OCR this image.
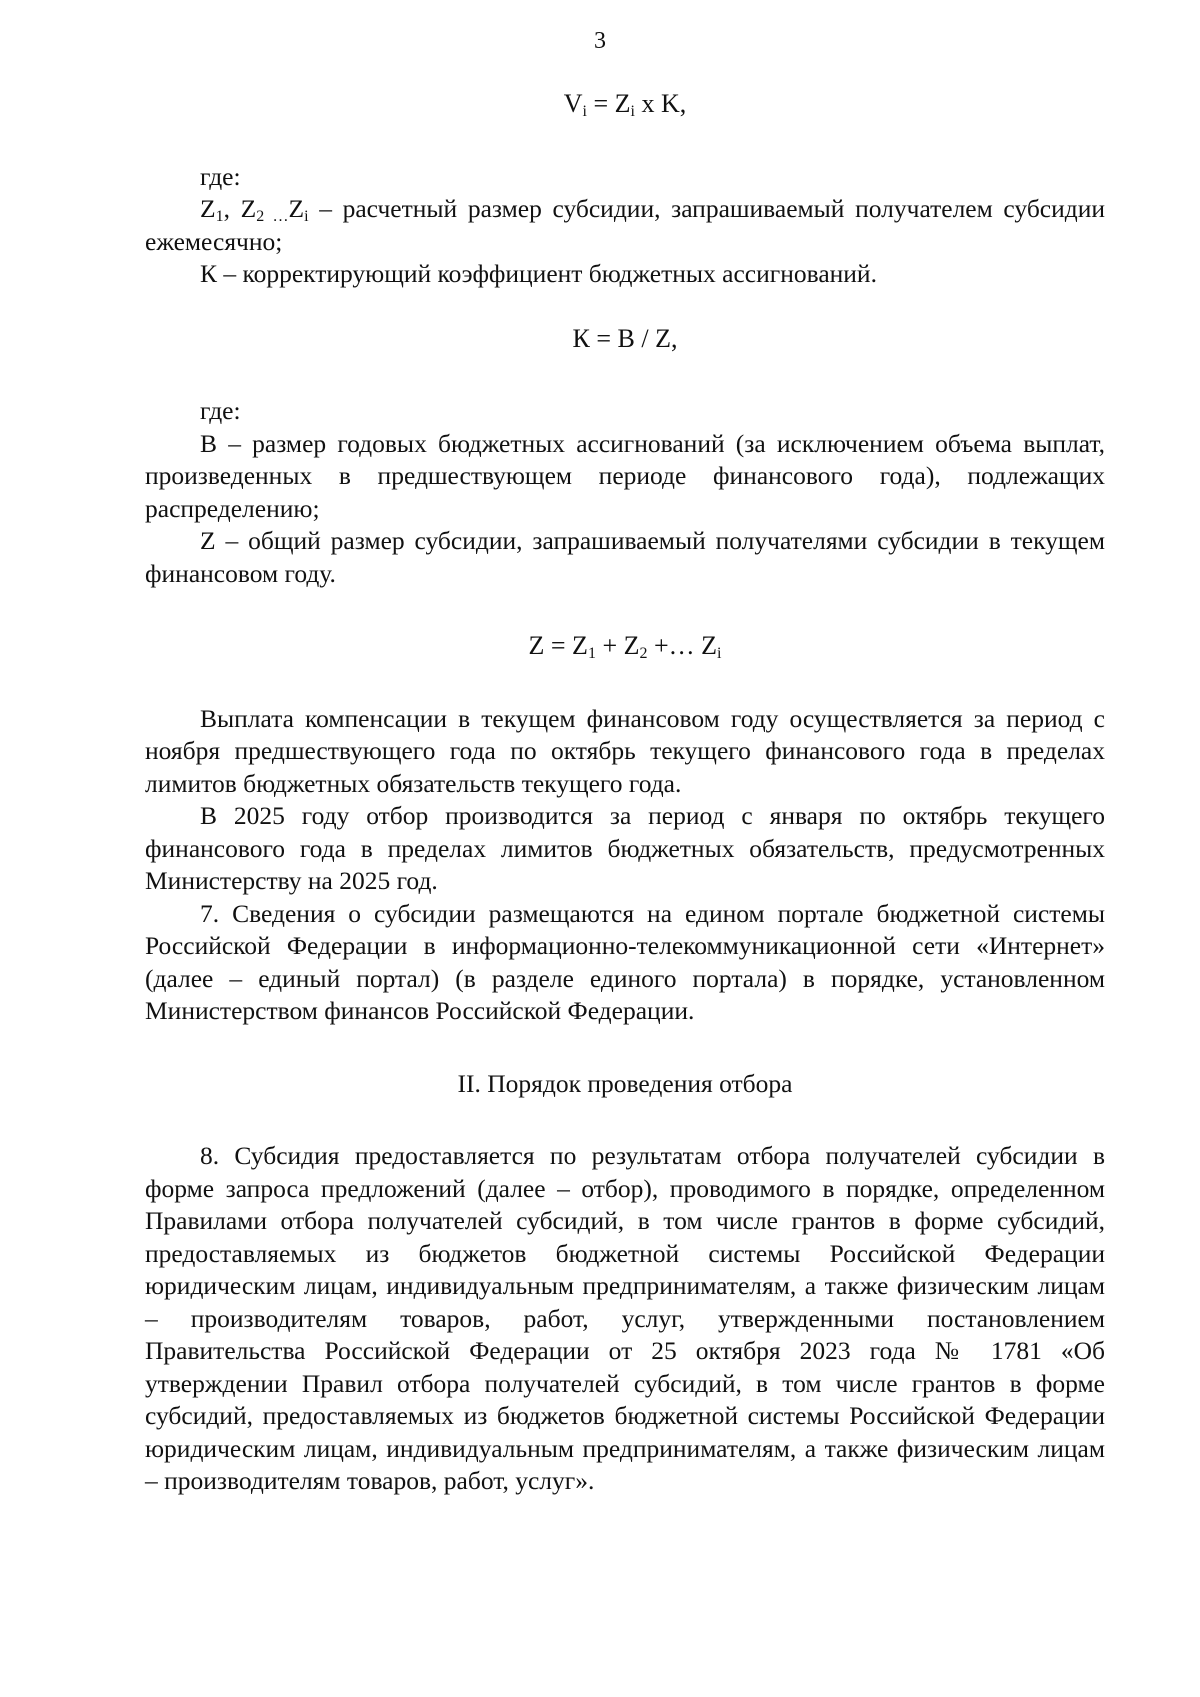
3

$V_i = Z_i$ x K,

где:

$Z_1$, $Z_2$ $_\dots Z_i$ – расчетный размер субсидии, запрашиваемый получателем субсидии ежемесячно;

К – корректирующий коэффициент бюджетных ассигнований.

К = В / Z,

где:

В – размер годовых бюджетных ассигнований (за исключением объема выплат, произведенных в предшествующем периоде финансового года), подлежащих распределению;

Z – общий размер субсидии, запрашиваемый получателями субсидии в текущем финансовом году.

$Z = Z_1 + Z_2$ +… $Z_i$

Выплата компенсации в текущем финансовом году осуществляется за период с ноября предшествующего года по октябрь текущего финансового года в пределах лимитов бюджетных обязательств текущего года.

В 2025 году отбор производится за период с января по октябрь текущего финансового года в пределах лимитов бюджетных обязательств, предусмотренных Министерству на 2025 год.

7. Сведения о субсидии размещаются на едином портале бюджетной системы Российской Федерации в информационно-телекоммуникационной сети «Интернет» (далее – единый портал) (в разделе единого портала) в порядке, установленном Министерством финансов Российской Федерации.

II. Порядок проведения отбора

8. Субсидия предоставляется по результатам отбора получателей субсидии в форме запроса предложений (далее – отбор), проводимого в порядке, определенном Правилами отбора получателей субсидий, в том числе грантов в форме субсидий, предоставляемых из бюджетов бюджетной системы Российской Федерации юридическим лицам, индивидуальным предпринимателям, а также физическим лицам – производителям товаров, работ, услуг, утвержденными постановлением Правительства Российской Федерации от 25 октября 2023 года № 1781 «Об утверждении Правил отбора получателей субсидий, в том числе грантов в форме субсидий, предоставляемых из бюджетов бюджетной системы Российской Федерации юридическим лицам, индивидуальным предпринимателям, а также физическим лицам – производителям товаров, работ, услуг».
